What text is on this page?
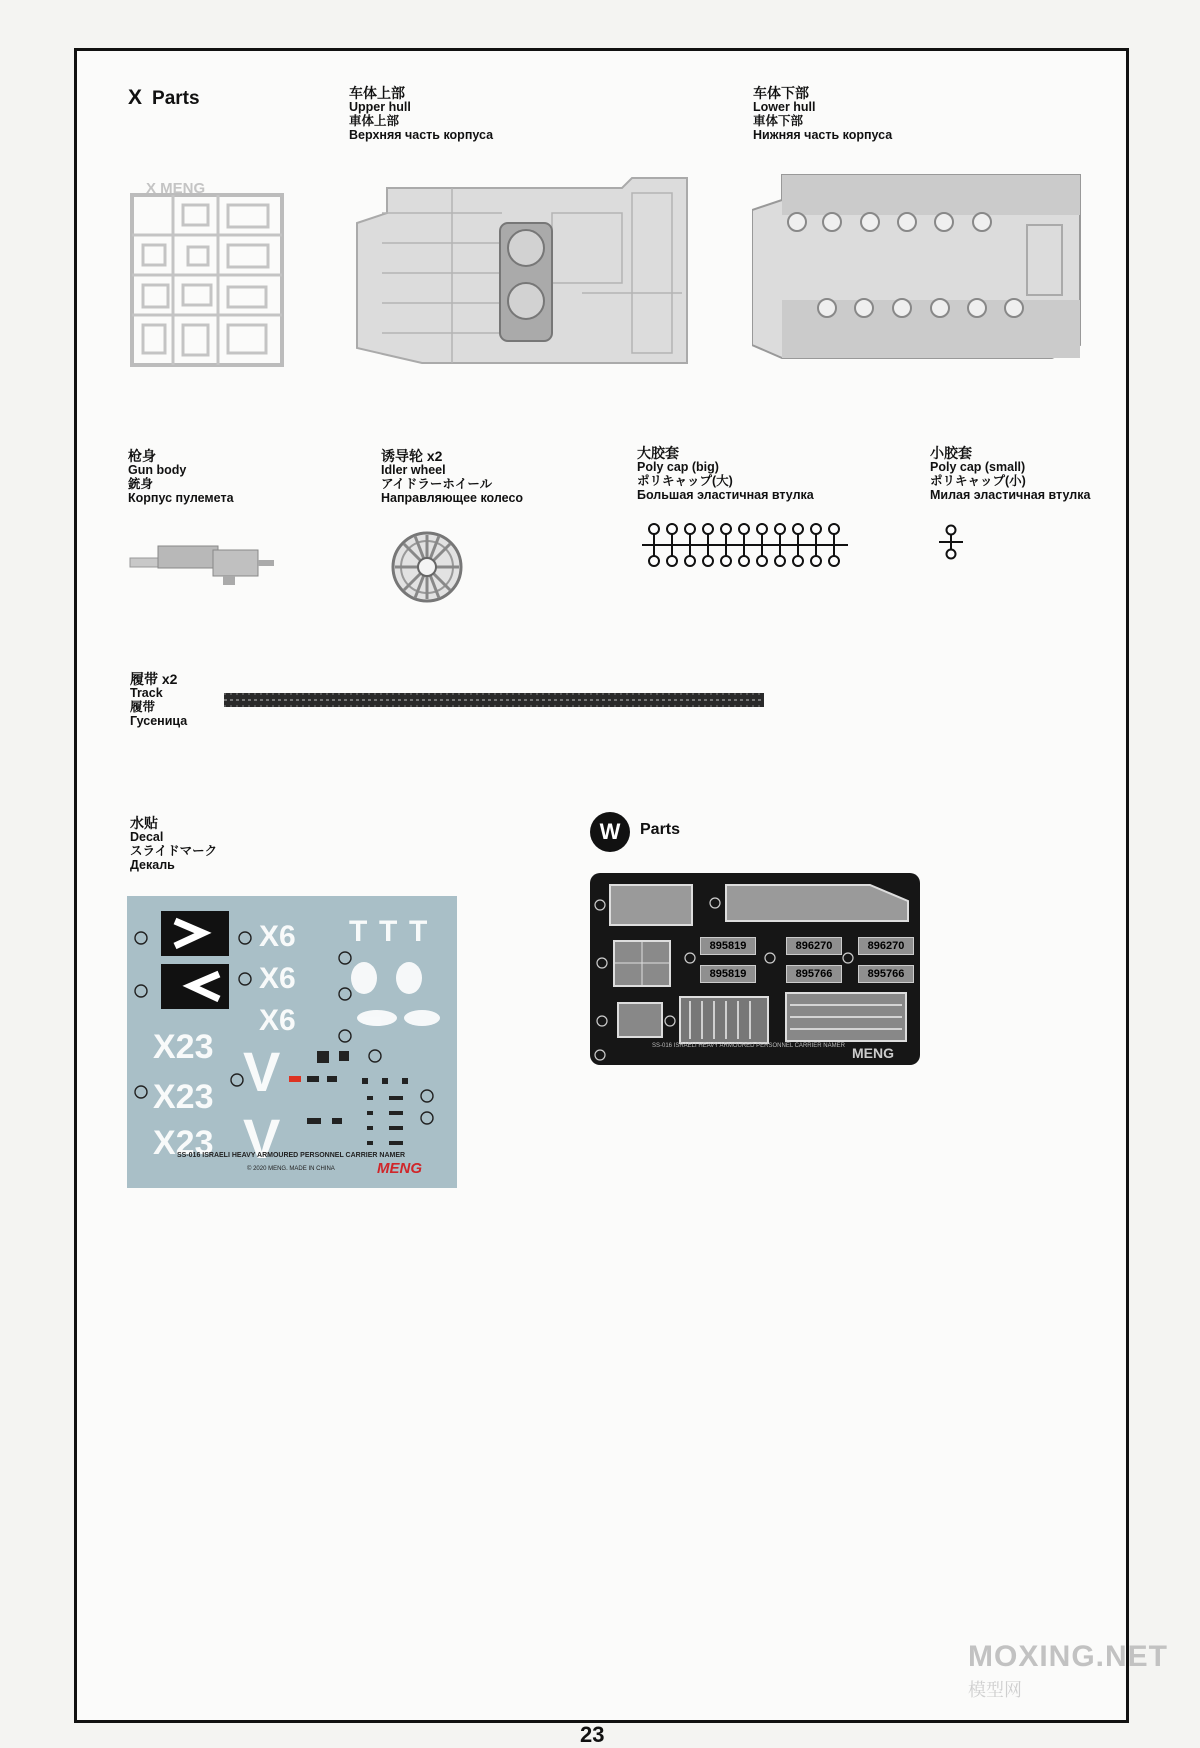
X Parts
X MENG
车体上部
Upper hull
車体上部
Верхняя часть корпуса
车体下部
Lower hull
車体下部
Нижняя часть корпуса
枪身
Gun body
銃身
Корпус пулемета
诱导轮 x2
Idler wheel
アイドラーホイール
Направляющее колесо
大胶套
Poly cap (big)
ポリキャップ(大)
Большая эластичная втулка
小胶套
Poly cap (small)
ポリキャップ(小)
Милая эластичная втулка
履带 x2
Track
履带
Гусеница
水贴
Decal
スライドマーク
Декаль
X6
X6
X6
X23
X23
X23
V
V
T T T
SS-016 ISRAELI HEAVY ARMOURED PERSONNEL CARRIER NAMER
© 2020 MENG. MADE IN CHINA	MENG
W	Parts
895819	896270	896270
895819	895766	895766
SS-016 ISRAELI HEAVY ARMOURED PERSONNEL CARRIER NAMER MENG
23
MOXING.NET
模型网
